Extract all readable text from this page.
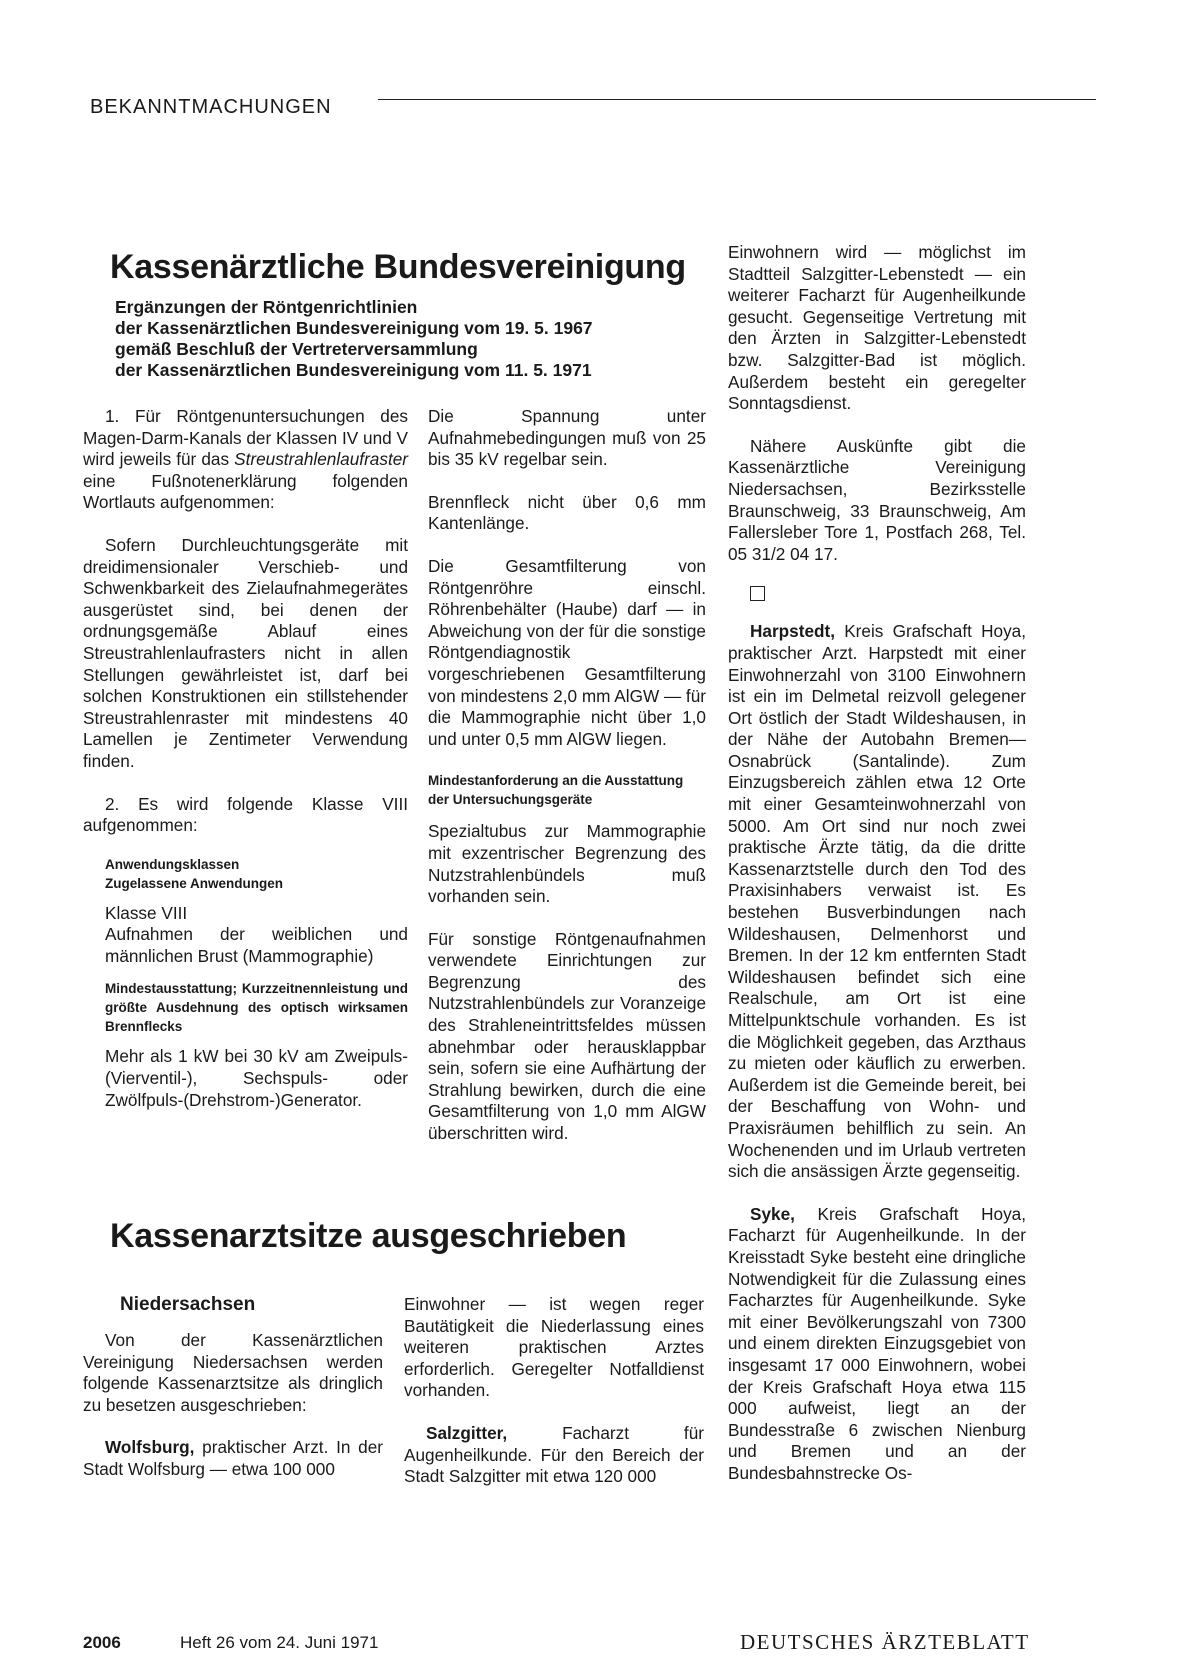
BEKANNTMACHUNGEN
Kassenärztliche Bundesvereinigung
Ergänzungen der Röntgenrichtlinien
der Kassenärztlichen Bundesvereinigung vom 19. 5. 1967
gemäß Beschluß der Vertreterversammlung
der Kassenärztlichen Bundesvereinigung vom 11. 5. 1971

1. Für Röntgenuntersuchungen des Magen-Darm-Kanals der Klassen IV und V wird jeweils für das Streustrahlenlaufraster eine Fußnotenerklärung folgenden Wortlauts aufgenommen:

Sofern Durchleuchtungsgeräte mit dreidimensionaler Verschieb- und Schwenkbarkeit des Zielaufnahmegerätes ausgerüstet sind, bei denen der ordnungsgemäße Ablauf eines Streustrahlenlaufrasters nicht in allen Stellungen gewährleistet ist, darf bei solchen Konstruktionen ein stillstehender Streustrahlenraster mit mindestens 40 Lamellen je Zentimeter Verwendung finden.

2. Es wird folgende Klasse VIII aufgenommen:

Anwendungsklassen
Zugelassene Anwendungen
Klasse VIII

Aufnahmen der weiblichen und männlichen Brust (Mammographie)

Mindestausstattung; Kurzzeitnennleistung und größte Ausdehnung des optisch wirksamen Brennflecks

Mehr als 1 kW bei 30 kV am Zweipuls-(Vierventil-), Sechspuls- oder Zwölfpuls-(Drehstrom-)Generator.

Die Spannung unter Aufnahmebedingungen muß von 25 bis 35 kV regelbar sein.

Brennfleck nicht über 0,6 mm Kantenlänge.

Die Gesamtfilterung von Röntgenröhre einschl. Röhrenbehälter (Haube) darf — in Abweichung von der für die sonstige Röntgendiagnostik vorgeschriebenen Gesamtfilterung von mindestens 2,0 mm AlGW — für die Mammographie nicht über 1,0 und unter 0,5 mm AlGW liegen.

Mindestanforderung an die Ausstattung der Untersuchungsgeräte

Spezialtubus zur Mammographie mit exzentrischer Begrenzung des Nutzstrahlenbündels muß vorhanden sein.

Für sonstige Röntgenaufnahmen verwendete Einrichtungen zur Begrenzung des Nutzstrahlenbündels zur Voranzeige des Strahleneintrittsfeldes müssen abnehmbar oder herausklappbar sein, sofern sie eine Aufhärtung der Strahlung bewirken, durch die eine Gesamtfilterung von 1,0 mm AlGW überschritten wird.

Kassenarztsitze ausgeschrieben
Niedersachsen

Von der Kassenärztlichen Vereinigung Niedersachsen werden folgende Kassenarztsitze als dringlich zu besetzen ausgeschrieben:

Wolfsburg, praktischer Arzt. In der Stadt Wolfsburg — etwa 100 000

Einwohner — ist wegen reger Bautätigkeit die Niederlassung eines weiteren praktischen Arztes erforderlich. Geregelter Notfalldienst vorhanden.

Salzgitter, Facharzt für Augenheilkunde. Für den Bereich der Stadt Salzgitter mit etwa 120 000

Einwohnern wird — möglichst im Stadtteil Salzgitter-Lebenstedt — ein weiterer Facharzt für Augenheilkunde gesucht. Gegenseitige Vertretung mit den Ärzten in Salzgitter-Lebenstedt bzw. Salzgitter-Bad ist möglich. Außerdem besteht ein geregelter Sonntagsdienst.

Nähere Auskünfte gibt die Kassenärztliche Vereinigung Niedersachsen, Bezirksstelle Braunschweig, 33 Braunschweig, Am Fallersleber Tore 1, Postfach 268, Tel. 05 31/2 04 17.

Harpstedt, Kreis Grafschaft Hoya, praktischer Arzt. Harpstedt mit einer Einwohnerzahl von 3100 Einwohnern ist ein im Delmetal reizvoll gelegener Ort östlich der Stadt Wildeshausen, in der Nähe der Autobahn Bremen—Osnabrück (Santalinde). Zum Einzugsbereich zählen etwa 12 Orte mit einer Gesamteinwohnerzahl von 5000. Am Ort sind nur noch zwei praktische Ärzte tätig, da die dritte Kassenarztstelle durch den Tod des Praxisinhabers verwaist ist. Es bestehen Busverbindungen nach Wildeshausen, Delmenhorst und Bremen. In der 12 km entfernten Stadt Wildeshausen befindet sich eine Realschule, am Ort ist eine Mittelpunktschule vorhanden. Es ist die Möglichkeit gegeben, das Arzthaus zu mieten oder käuflich zu erwerben. Außerdem ist die Gemeinde bereit, bei der Beschaffung von Wohn- und Praxisräumen behilflich zu sein. An Wochenenden und im Urlaub vertreten sich die ansässigen Ärzte gegenseitig.

Syke, Kreis Grafschaft Hoya, Facharzt für Augenheilkunde. In der Kreisstadt Syke besteht eine dringliche Notwendigkeit für die Zulassung eines Facharztes für Augenheilkunde. Syke mit einer Bevölkerungszahl von 7300 und einem direkten Einzugsgebiet von insgesamt 17 000 Einwohnern, wobei der Kreis Grafschaft Hoya etwa 115 000 aufweist, liegt an der Bundesstraße 6 zwischen Nienburg und Bremen und an der Bundesbahnstrecke Os-

2006	Heft 26 vom 24. Juni 1971	DEUTSCHES ÄRZTEBLATT
